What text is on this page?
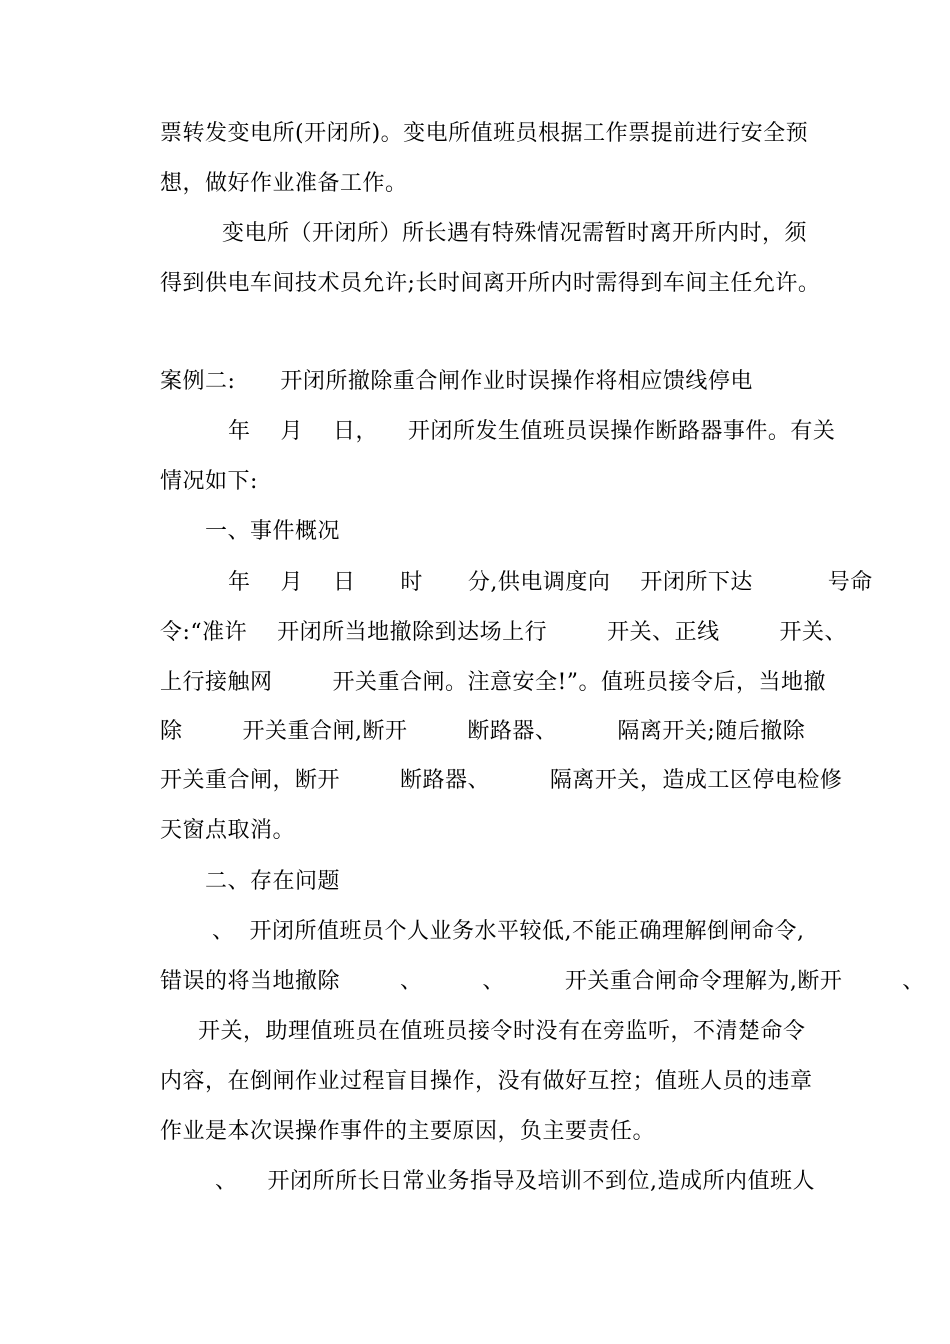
票转发变电所(开闭所)。变电所值班员根据工作票提前进行安全预
想，做好作业准备工作。
变电所（开闭所）所长遇有特殊情况需暂时离开所内时，须
得到供电车间技术员允许;长时间离开所内时需得到车间主任允许。
案例二:      开闭所撤除重合闸作业时误操作将相应馈线停电
年    月    日，    开闭所发生值班员误操作断路器事件。有关
情况如下:
一、事件概况
年    月    日      时      分,供电调度向    开闭所下达          号命
令:“准许    开闭所当地撤除到达场上行        开关、正线        开关、
上行接触网        开关重合闸。注意安全!”。值班员接令后，当地撤
除        开关重合闸,断开        断路器、        隔离开关;随后撤除
开关重合闸，断开        断路器、        隔离开关，造成工区停电检修
天窗点取消。
二、存在问题
、  开闭所值班员个人业务水平较低,不能正确理解倒闸命令,
错误的将当地撤除        、        、        开关重合闸命令理解为,断开        、
开关，助理值班员在值班员接令时没有在旁监听，不清楚命令
内容，在倒闸作业过程盲目操作，没有做好互控；值班人员的违章
作业是本次误操作事件的主要原因，负主要责任。
、    开闭所所长日常业务指导及培训不到位,造成所内值班人
